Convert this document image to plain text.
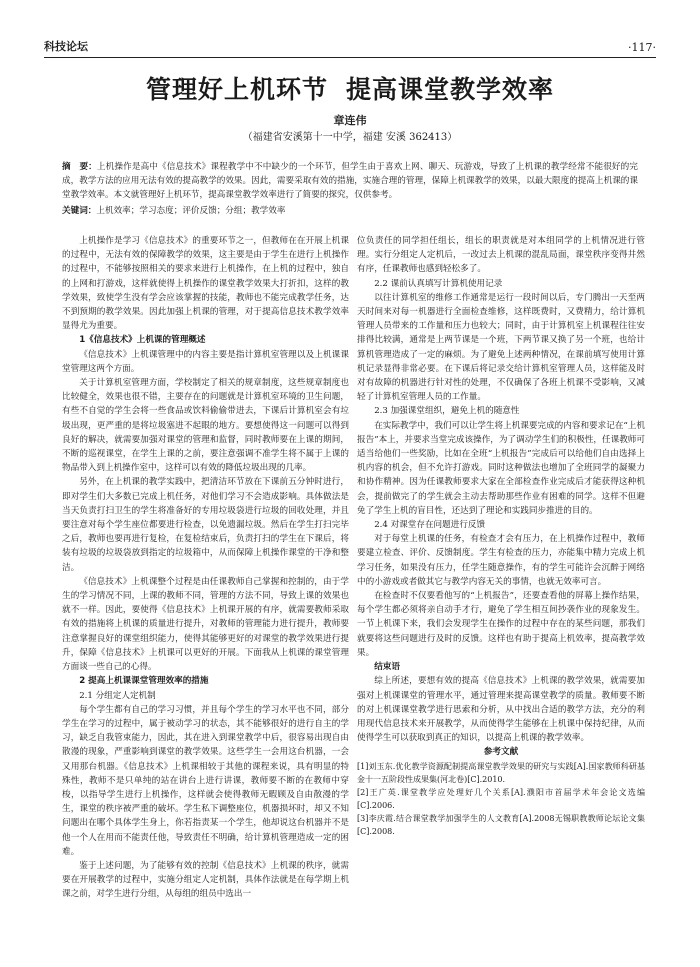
科技论坛	·117·
管理好上机环节 提高课堂教学效率
章连伟
（福建省安溪第十一中学，福建 安溪 362413）
摘　要：上机操作是高中《信息技术》课程教学中不中缺少的一个环节，但学生由于喜欢上网、聊天、玩游戏，导致了上机课的教学经常不能很好的完成，教学方法的应用无法有效的提高教学的效果。因此，需要采取有效的措施，实施合理的管理，保障上机课教学的效果，以最大限度的提高上机课的课堂教学效率。本文就管理好上机环节，提高课堂教学效率进行了简要的探究，仅供参考。
关键词：上机效率；学习态度；评价反馈；分组；教学效率

上机操作是学习《信息技术》的重要环节之一，但教师在在开展上机课的过程中，无法有效的保障教学的效果，这主要是由于学生在进行上机操作的过程中，不能够按照相关的要求来进行上机操作，在上机的过程中，独自的上网和打游戏，这样就使得上机操作的课堂教学效果大打折扣，这样的教学效果，致使学生没有学会应该掌握的技能，教师也不能完成教学任务，达不到预期的教学效果。因此加强上机课的管理，对于提高信息技术教学效率显得尤为重要。

1《信息技术》上机课的管理概述

《信息技术》上机课管理中的内容主要是指计算机室管理以及上机课课堂管理这两个方面。

关于计算机室管理方面，学校制定了相关的规章制度，这些规章制度也比较健全，效果也很不错，主要存在的问题就是计算机室环境的卫生问题，有些不自觉的学生会将一些食品或饮料偷偷带进去，下课后计算机室会有垃圾出现，更严重的是将垃圾塞进不起眼的地方。要想使得这一问题可以得到良好的解决，就需要加强对课堂的管理和监督，同时教师要在上课的期间，不断的巡视课堂，在学生上课的之前，要注意强调不准学生将不属于上课的物品带入到上机操作室中，这样可以有效的降低垃圾出现的几率。

另外，在上机课的教学实践中，把清洁环节放在下课前五分钟时进行，即对学生们大多数已完成上机任务，对他们学习不会造成影响。具体做法是当天负责打扫卫生的学生将准备好的专用垃圾袋进行垃圾的回收处理，并且要注意对每个学生座位都要进行检查，以免遗漏垃圾。然后在学生打扫完毕之后，教师也要再进行复检，在复检结束后，负责打扫的学生在下课后，将装有垃圾的垃圾袋放到指定的垃圾箱中，从而保障上机操作课堂的干净和整洁。

《信息技术》上机课整个过程是由任课教师自己掌握和控制的，由于学生的学习情况不同，上课的教师不同，管理的方法不同，导致上课的效果也就不一样。因此，要使得《信息技术》上机课开展的有序，就需要教师采取有效的措施将上机课的质量进行提升，对教师的管理能力进行提升，教师要注意掌握良好的课堂组织能力，使得其能够更好的对课堂的教学效果进行提升，保障《信息技术》上机课可以更好的开展。下面我从上机课的课堂管理方面谈一些自己的心得。

2 提高上机课课堂管理效率的措施
2.1 分组定人定机制

每个学生都有自己的学习习惯，并且每个学生的学习水平也不同，部分学生在学习的过程中，属于被动学习的状态，其不能够很好的进行自主的学习，缺乏自我管束能力，因此，其在进入到课堂教学中后，很容易出现自由散漫的现象，严重影响到课堂的教学效果。这些学生一会用这台机器，一会又用那台机器。《信息技术》上机课相较于其他的课程来说，具有明显的特殊性，教师不是只单纯的站在讲台上进行讲课，教师要不断的在教师中穿梭，以指导学生进行上机操作，这样就会使得教师无暇顾及自由散漫的学生，课堂的秩序被严重的破坏。学生私下调整座位，机器损坏时，却又不知问题出在哪个具体学生身上，你若指责某一个学生，他却说这台机器并不是他一个人在用而不能责任他，导致责任不明确，给计算机管理造成一定的困难。

鉴于上述问题，为了能够有效的控制《信息技术》上机课的秩序，就需要在开展教学的过程中，实施分组定人定机制，具体作法就是在每学期上机课之前，对学生进行分组，从每组的组员中选出一

位负责任的同学担任组长，组长的职责就是对本组同学的上机情况进行管理。实行分组定人定机后，一改过去上机课的混乱局面，课堂秩序变得井然有序，任课教师也感到轻松多了。

2.2 课前认真填写计算机使用记录

以往计算机室的维修工作通常是运行一段时间以后，专门腾出一天至两天时间来对每一机器进行全面检查维修，这样既费时，又费精力，给计算机管理人员带来的工作量和压力也较大；同时，由于计算机室上机课程往往安排得比较满，通常是上两节课是一个班，下两节课又换了另一个班，也给计算机管理造成了一定的麻烦。为了避免上述两种情况，在课前填写使用计算机记录显得非常必要。在下课后将记录交给计算机室管理人员，这样能及时对有故障的机器进行针对性的处理，不仅确保了各班上机课不受影响，又减轻了计算机室管理人员的工作量。

2.3 加强课堂组织，避免上机的随意性

在实际教学中，我们可以让学生将上机课要完成的内容和要求记在“上机报告”本上，并要求当堂完成该操作，为了调动学生们的积极性，任课教师可适当给他们一些奖励，比如在全班“上机报告”完成后可以给他们自由选择上机内容的机会，但不允许打游戏。同时这种做法也增加了全班同学的凝聚力和协作精神。因为任课教师要求大家在全部检查作业完成后才能获得这种机会，提前做完了的学生就会主动去帮助那些作业有困难的同学。这样不但避免了学生上机的盲目性，还达到了理论和实践同步推进的目的。

2.4 对课堂存在问题进行反馈

对于每堂上机课的任务，有检查才会有压力，在上机操作过程中，教师要建立检查、评价、反馈制度。学生有检查的压力，亦能集中精力完成上机学习任务，如果没有压力，任学生随意操作，有的学生可能许会沉醉于网络中的小游戏或者做其它与教学内容无关的事情，也就无效率可言。

在检查时不仅要看他写的“上机报告”，还要查看他的屏幕上操作结果，每个学生都必须将亲自动手才行，避免了学生相互间抄袭作业的现象发生。一节上机课下来，我们会发现学生在操作的过程中存在的某些问题，那我们就要将这些问题进行及时的反馈。这样也有助于提高上机效率，提高教学效果。

结束语

综上所述，要想有效的提高《信息技术》上机课的教学效果，就需要加强对上机课课堂的管理水平，通过管理来提高课堂教学的质量。教师要不断的对上机课课堂教学进行思索和分析，从中找出合适的教学方法，充分的利用现代信息技术来开展教学，从而使得学生能够在上机课中保持纪律，从而使得学生可以获取到真正的知识，以提高上机课的教学效率。

参考文献

[1]刘玉东.优化教学资源配制提高课堂教学效果的研究与实践[A].国家教师科研基金十一五阶段性成果集(河北卷)[C].2010.

[2]王广英.课堂教学应处理好几个关系[A].濮阳市首届学术年会论文选编[C].2006.

[3]李庆霞.结合课堂教学加强学生的人文教育[A].2008无锡职教教师论坛论文集[C].2008.
